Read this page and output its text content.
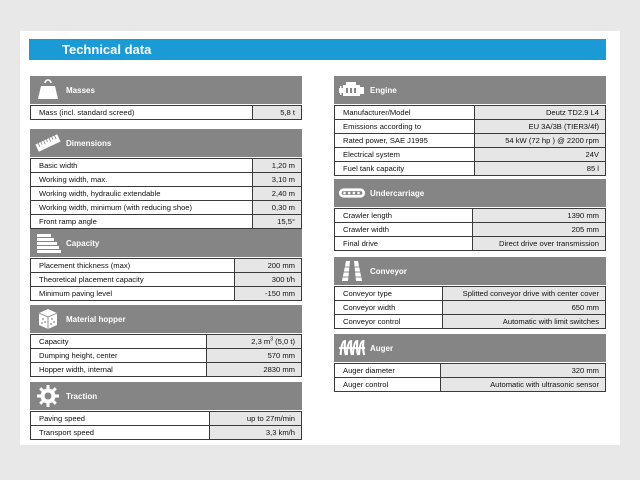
Technical data
Masses
Mass (incl. standard screed)	5,8 t
Dimensions
Basic width	1,20 m
Working width, max.	3,10 m
Working width, hydraulic extendable	2,40 m
Working width, minimum (with reducing shoe)	0,30 m
Front ramp angle	15,5°
Capacity
Placement thickness (max)	200 mm
Theoretical placement capacity	300 t/h
Minimum paving level	-150 mm
Material hopper
Capacity	2,3 $m^3$ (5,0 t)
Dumping height, center	570 mm
Hopper width, internal	2830 mm
Traction
Paving speed	up to 27m/min
Transport speed	3,3 km/h
Engine
Manufacturer/Model	Deutz TD2.9 L4
Emissions according to	EU 3A/3B (TIER3/4f)
Rated power, SAE J1995	54 kW (72 hp ) @ 2200 rpm
Electrical system	24V
Fuel tank capacity	85 l
Undercarriage
Crawler length	1390 mm
Crawler width	205 mm
Final drive	Direct drive over transmission
Conveyor
Conveyor type	Splitted conveyor drive with center cover
Conveyor width	650 mm
Conveyor control	Automatic with limit switches
Auger
Auger diameter	320 mm
Auger control	Automatic with ultrasonic sensor
